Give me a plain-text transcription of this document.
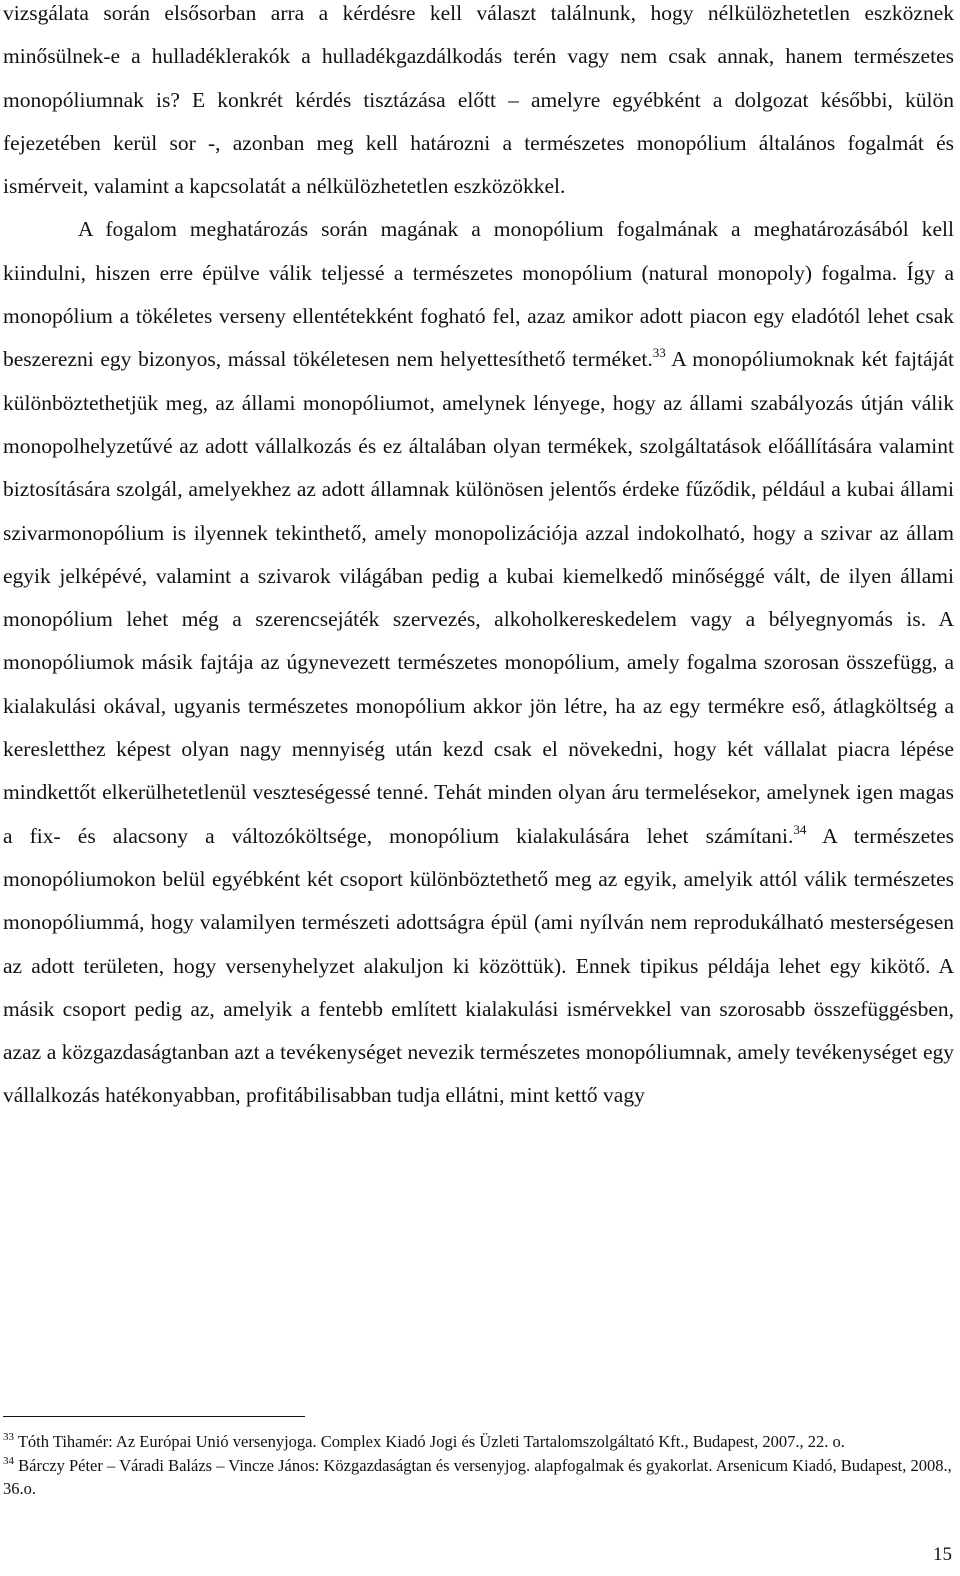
vizsgálata során elsősorban arra a kérdésre kell választ találnunk, hogy nélkülözhetetlen eszköznek minősülnek-e a hulladéklerakók a hulladékgazdálkodás terén vagy nem csak annak, hanem természetes monopóliumnak is? E konkrét kérdés tisztázása előtt – amelyre egyébként a dolgozat későbbi, külön fejezetében kerül sor -, azonban meg kell határozni a természetes monopólium általános fogalmát és ismérveit, valamint a kapcsolatát a nélkülözhetetlen eszközökkel.

A fogalom meghatározás során magának a monopólium fogalmának a meghatározásából kell kiindulni, hiszen erre épülve válik teljessé a természetes monopólium (natural monopoly) fogalma. Így a monopólium a tökéletes verseny ellentétekként fogható fel, azaz amikor adott piacon egy eladótól lehet csak beszerezni egy bizonyos, mással tökéletesen nem helyettesíthető terméket.$^{33}$ A monopóliumoknak két fajtáját különböztethetjük meg, az állami monopóliumot, amelynek lényege, hogy az állami szabályozás útján válik monopolhelyzetűvé az adott vállalkozás és ez általában olyan termékek, szolgáltatások előállítására valamint biztosítására szolgál, amelyekhez az adott államnak különösen jelentős érdeke fűződik, például a kubai állami szivarmonopólium is ilyennek tekinthető, amely monopolizációja azzal indokolható, hogy a szivar az állam egyik jelképévé, valamint a szivarok világában pedig a kubai kiemelkedő minőséggé vált, de ilyen állami monopólium lehet még a szerencsejáték szervezés, alkoholkereskedelem vagy a bélyegnyomás is. A monopóliumok másik fajtája az úgynevezett természetes monopólium, amely fogalma szorosan összefügg, a kialakulási okával, ugyanis természetes monopólium akkor jön létre, ha az egy termékre eső, átlagköltség a keresletthez képest olyan nagy mennyiség után kezd csak el növekedni, hogy két vállalat piacra lépése mindkettőt elkerülhetetlenül veszteségessé tenné. Tehát minden olyan áru termelésekor, amelynek igen magas a fix- és alacsony a változóköltsége, monopólium kialakulására lehet számítani.$^{34}$ A természetes monopóliumokon belül egyébként két csoport különböztethető meg az egyik, amelyik attól válik természetes monopóliummá, hogy valamilyen természeti adottságra épül (ami nyílván nem reprodukálható mesterségesen az adott területen, hogy versenyhelyzet alakuljon ki közöttük). Ennek tipikus példája lehet egy kikötő. A másik csoport pedig az, amelyik a fentebb említett kialakulási ismérvekkel van szorosabb összefüggésben, azaz a közgazdaságtanban azt a tevékenységet nevezik természetes monopóliumnak, amely tevékenységet egy vállalkozás hatékonyabban, profitábilisabban tudja ellátni, mint kettő vagy

$^{33}$ Tóth Tihamér: Az Európai Unió versenyjoga. Complex Kiadó Jogi és Üzleti Tartalomszolgáltató Kft., Budapest, 2007., 22. o.

$^{34}$ Bárczy Péter – Váradi Balázs – Vincze János: Közgazdaságtan és versenyjog. alapfogalmak és gyakorlat. Arsenicum Kiadó, Budapest, 2008., 36.o.

15
